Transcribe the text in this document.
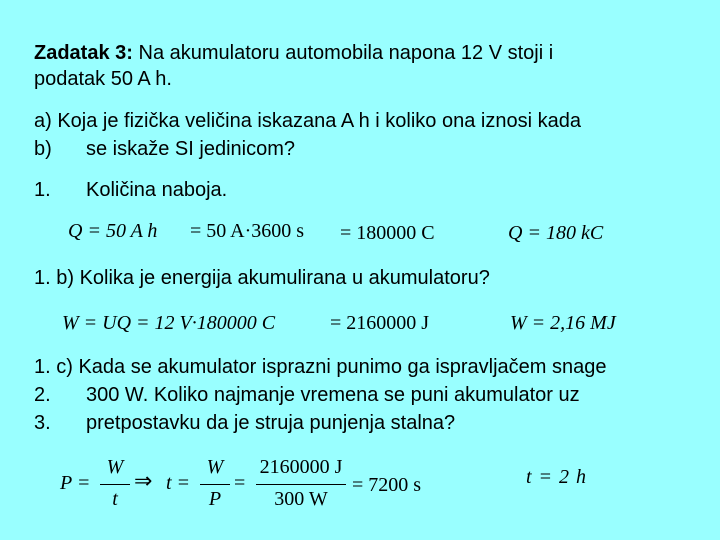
Zadatak 3: Na akumulatoru automobila napona 12 V stoji i
podatak 50 A h.
a) Koja je fizička veličina iskazana A h i koliko ona iznosi kada
b) se iskaže SI jedinicom?
1. Količina naboja.
Q = 50 A h = 50 A·3600 s = 180000 C	Q = 180 kC
1. b) Kolika je energija akumulirana u akumulatoru?
W = UQ = 12 V·180000 C	= 2160000 J	W = 2,16 MJ
1. c) Kada se akumulator isprazni punimo ga ispravljačem snage
2. 300 W. Koliko najmanje vremena se puni akumulator uz
3. pretpostavku da je struja punjenja stalna?
P =
W
t
⇒ t =
W
P
=
2160000 J
300 W
= 7200 s	t = 2 h
